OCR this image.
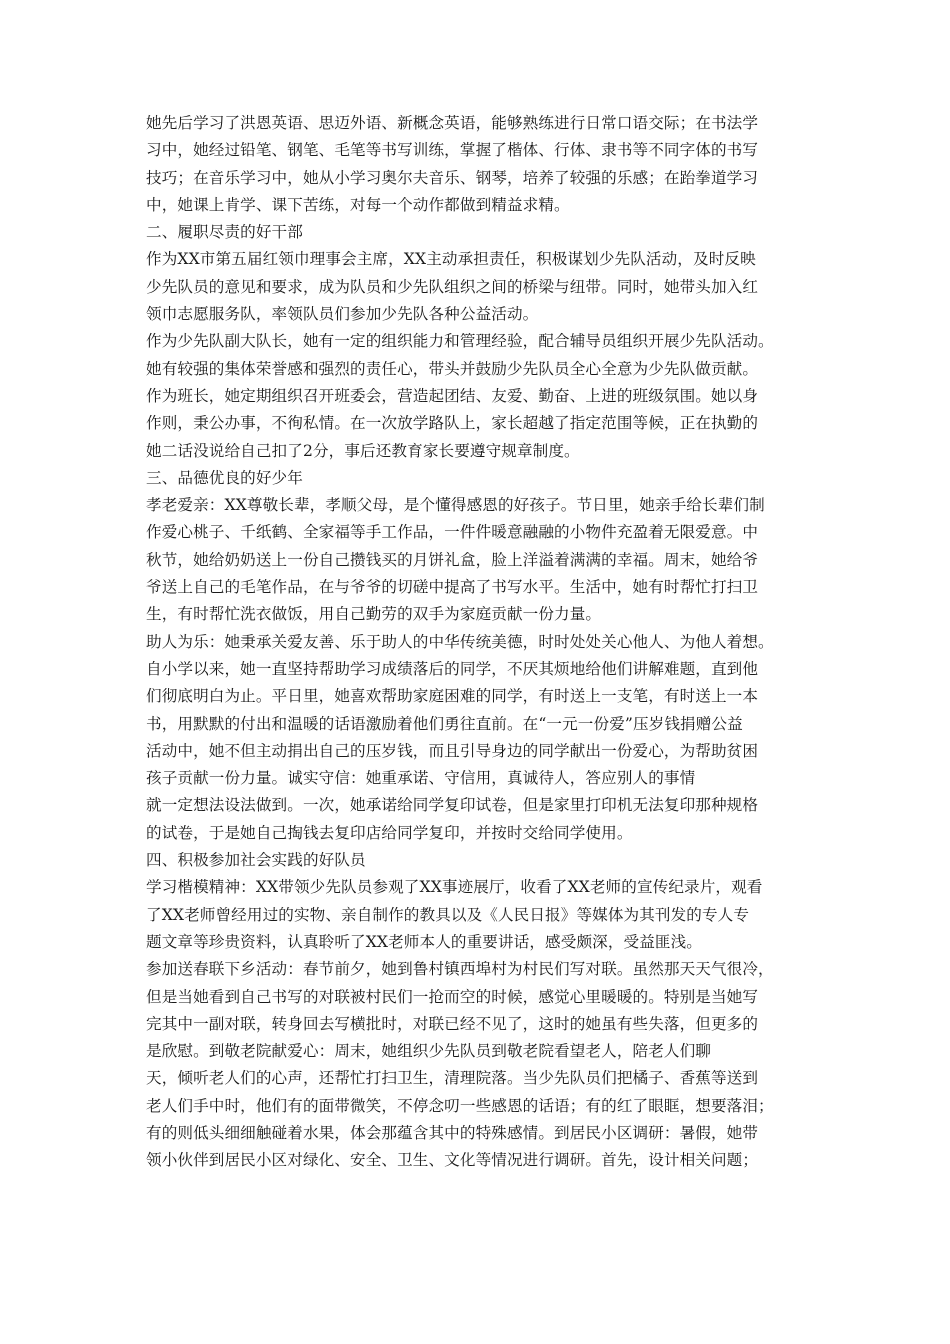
她先后学习了洪恩英语、思迈外语、新概念英语，能够熟练进行日常口语交际；在书法学
习中，她经过铅笔、钢笔、毛笔等书写训练，掌握了楷体、行体、隶书等不同字体的书写
技巧；在音乐学习中，她从小学习奥尔夫音乐、钢琴，培养了较强的乐感；在跆拳道学习
中，她课上肯学、课下苦练，对每一个动作都做到精益求精。
二、履职尽责的好干部
作为XX市第五届红领巾理事会主席，XX主动承担责任，积极谋划少先队活动，及时反映
少先队员的意见和要求，成为队员和少先队组织之间的桥梁与纽带。同时，她带头加入红
领巾志愿服务队，率领队员们参加少先队各种公益活动。
作为少先队副大队长，她有一定的组织能力和管理经验，配合辅导员组织开展少先队活动。
她有较强的集体荣誉感和强烈的责任心，带头并鼓励少先队员全心全意为少先队做贡献。
作为班长，她定期组织召开班委会，营造起团结、友爱、勤奋、上进的班级氛围。她以身
作则，秉公办事，不徇私情。在一次放学路队上，家长超越了指定范围等候，正在执勤的
她二话没说给自己扣了2分，事后还教育家长要遵守规章制度。
三、品德优良的好少年
孝老爱亲：XX尊敬长辈，孝顺父母，是个懂得感恩的好孩子。节日里，她亲手给长辈们制
作爱心桃子、千纸鹤、全家福等手工作品，一件件暖意融融的小物件充盈着无限爱意。中
秋节，她给奶奶送上一份自己攒钱买的月饼礼盒，脸上洋溢着满满的幸福。周末，她给爷
爷送上自己的毛笔作品，在与爷爷的切磋中提高了书写水平。生活中，她有时帮忙打扫卫
生，有时帮忙洗衣做饭，用自己勤劳的双手为家庭贡献一份力量。
助人为乐：她秉承关爱友善、乐于助人的中华传统美德，时时处处关心他人、为他人着想。
自小学以来，她一直坚持帮助学习成绩落后的同学，不厌其烦地给他们讲解难题，直到他
们彻底明白为止。平日里，她喜欢帮助家庭困难的同学，有时送上一支笔，有时送上一本
书，用默默的付出和温暖的话语激励着他们勇往直前。在“一元一份爱”压岁钱捐赠公益
活动中，她不但主动捐出自己的压岁钱，而且引导身边的同学献出一份爱心，为帮助贫困
孩子贡献一份力量。诚实守信：她重承诺、守信用，真诚待人，答应别人的事情
就一定想法设法做到。一次，她承诺给同学复印试卷，但是家里打印机无法复印那种规格
的试卷，于是她自己掏钱去复印店给同学复印，并按时交给同学使用。
四、积极参加社会实践的好队员
学习楷模精神：XX带领少先队员参观了XX事迹展厅，收看了XX老师的宣传纪录片，观看
了XX老师曾经用过的实物、亲自制作的教具以及《人民日报》等媒体为其刊发的专人专
题文章等珍贵资料，认真聆听了XX老师本人的重要讲话，感受颇深，受益匪浅。
参加送春联下乡活动：春节前夕，她到鲁村镇西埠村为村民们写对联。虽然那天天气很冷，
但是当她看到自己书写的对联被村民们一抢而空的时候，感觉心里暖暖的。特别是当她写
完其中一副对联，转身回去写横批时，对联已经不见了，这时的她虽有些失落，但更多的
是欣慰。到敬老院献爱心：周末，她组织少先队员到敬老院看望老人，陪老人们聊
天，倾听老人们的心声，还帮忙打扫卫生，清理院落。当少先队员们把橘子、香蕉等送到
老人们手中时，他们有的面带微笑，不停念叨一些感恩的话语；有的红了眼眶，想要落泪；
有的则低头细细触碰着水果，体会那蕴含其中的特殊感情。到居民小区调研：暑假，她带
领小伙伴到居民小区对绿化、安全、卫生、文化等情况进行调研。首先，设计相关问题；
